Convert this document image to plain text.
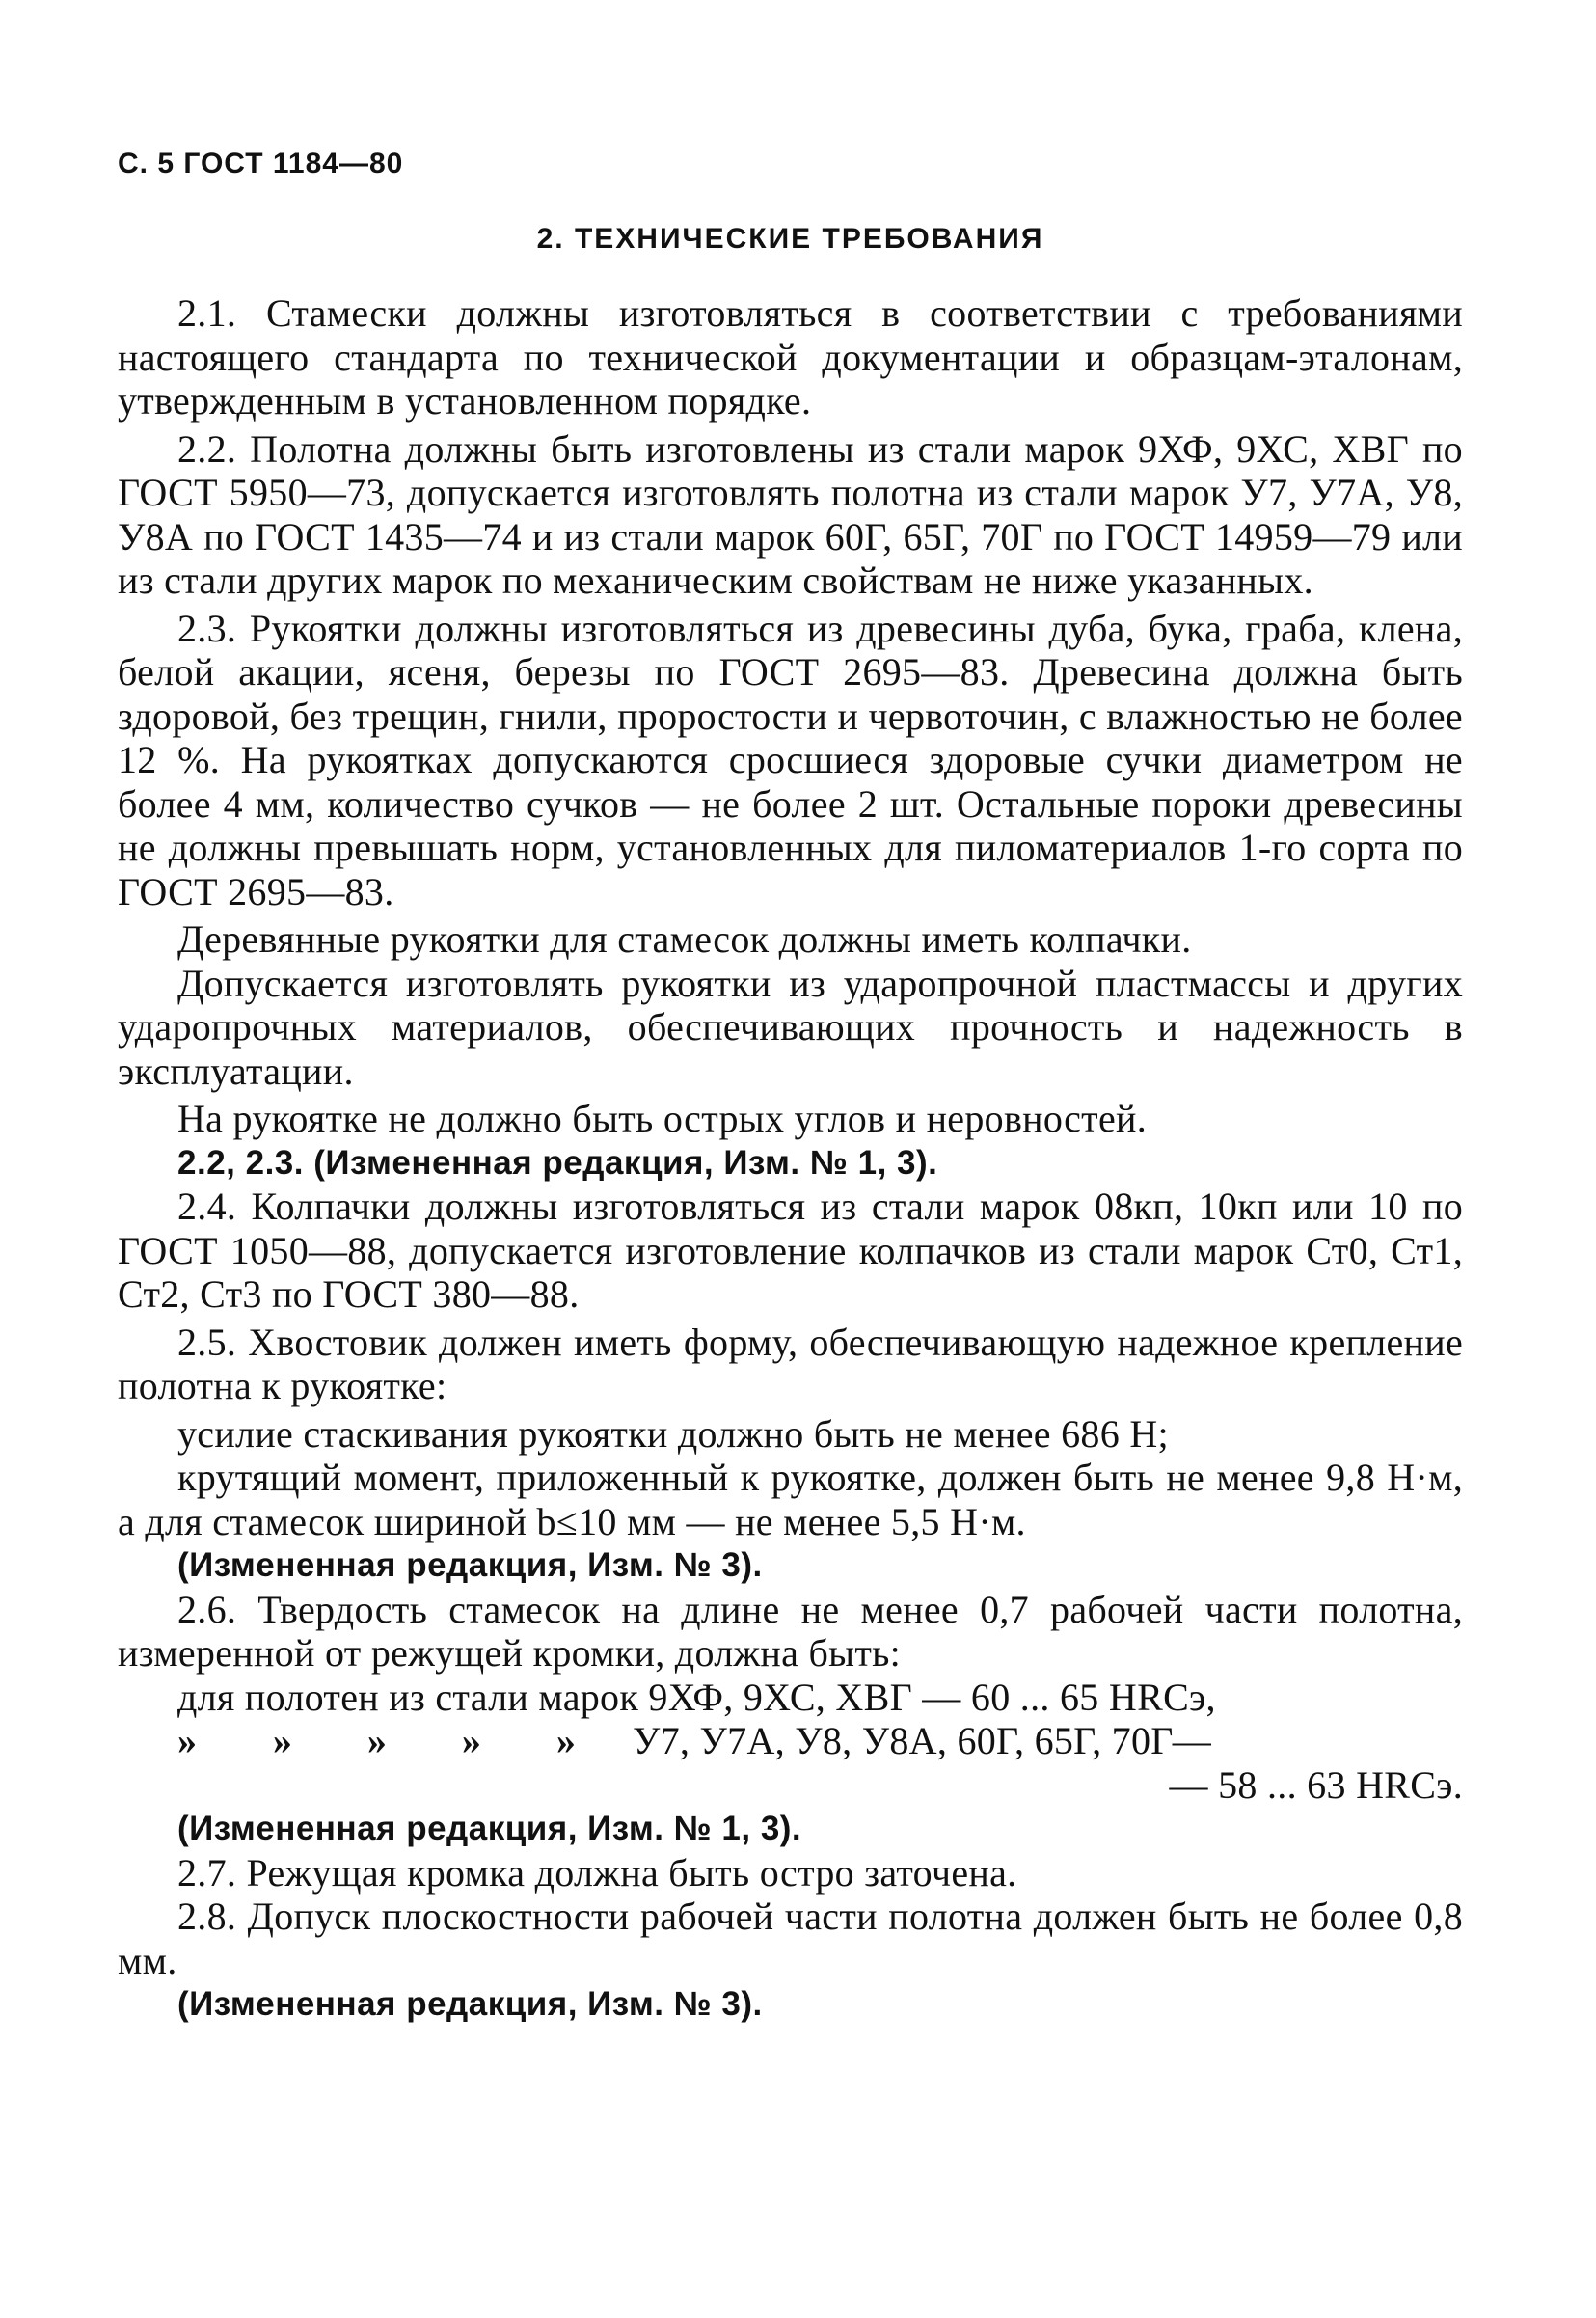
С. 5 ГОСТ 1184—80
2. ТЕХНИЧЕСКИЕ ТРЕБОВАНИЯ

2.1. Стамески должны изготовляться в соответствии с требованиями настоящего стандарта по технической документации и образцам-эталонам, утвержденным в установленном порядке.

2.2. Полотна должны быть изготовлены из стали марок 9ХФ, 9ХС, ХВГ по ГОСТ 5950—73, допускается изготовлять полотна из стали марок У7, У7А, У8, У8А по ГОСТ 1435—74 и из стали марок 60Г, 65Г, 70Г по ГОСТ 14959—79 или из стали других марок по механическим свойствам не ниже указанных.

2.3. Рукоятки должны изготовляться из древесины дуба, бука, граба, клена, белой акации, ясеня, березы по ГОСТ 2695—83. Древесина должна быть здоровой, без трещин, гнили, проростости и червоточин, с влажностью не более 12 %. На рукоятках допускаются сросшиеся здоровые сучки диаметром не более 4 мм, количество сучков — не более 2 шт. Остальные пороки древесины не должны превышать норм, установленных для пиломатериалов 1-го сорта по ГОСТ 2695—83.

Деревянные рукоятки для стамесок должны иметь колпачки.

Допускается изготовлять рукоятки из ударопрочной пластмассы и других ударопрочных материалов, обеспечивающих прочность и надежность в эксплуатации.

На рукоятке не должно быть острых углов и неровностей.

2.2, 2.3. (Измененная редакция, Изм. № 1, 3).

2.4. Колпачки должны изготовляться из стали марок 08кп, 10кп или 10 по ГОСТ 1050—88, допускается изготовление колпачков из стали марок Ст0, Ст1, Ст2, Ст3 по ГОСТ 380—88.

2.5. Хвостовик должен иметь форму, обеспечивающую надежное крепление полотна к рукоятке:

усилие стаскивания рукоятки должно быть не менее 686 Н;

крутящий момент, приложенный к рукоятке, должен быть не менее 9,8 Н·м, а для стамесок шириной b≤10 мм — не менее 5,5 Н·м.

(Измененная редакция, Изм. № 3).

2.6. Твердость стамесок на длине не менее 0,7 рабочей части полотна, измеренной от режущей кромки, должна быть:

для полотен из стали марок 9ХФ, 9ХС, ХВГ — 60 ... 65 HRCэ,

»	»	»	»	»	У7, У7А, У8, У8А, 60Г, 65Г, 70Г—

— 58 ... 63 HRCэ.

(Измененная редакция, Изм. № 1, 3).

2.7. Режущая кромка должна быть остро заточена.

2.8. Допуск плоскостности рабочей части полотна должен быть не более 0,8 мм.

(Измененная редакция, Изм. № 3).
